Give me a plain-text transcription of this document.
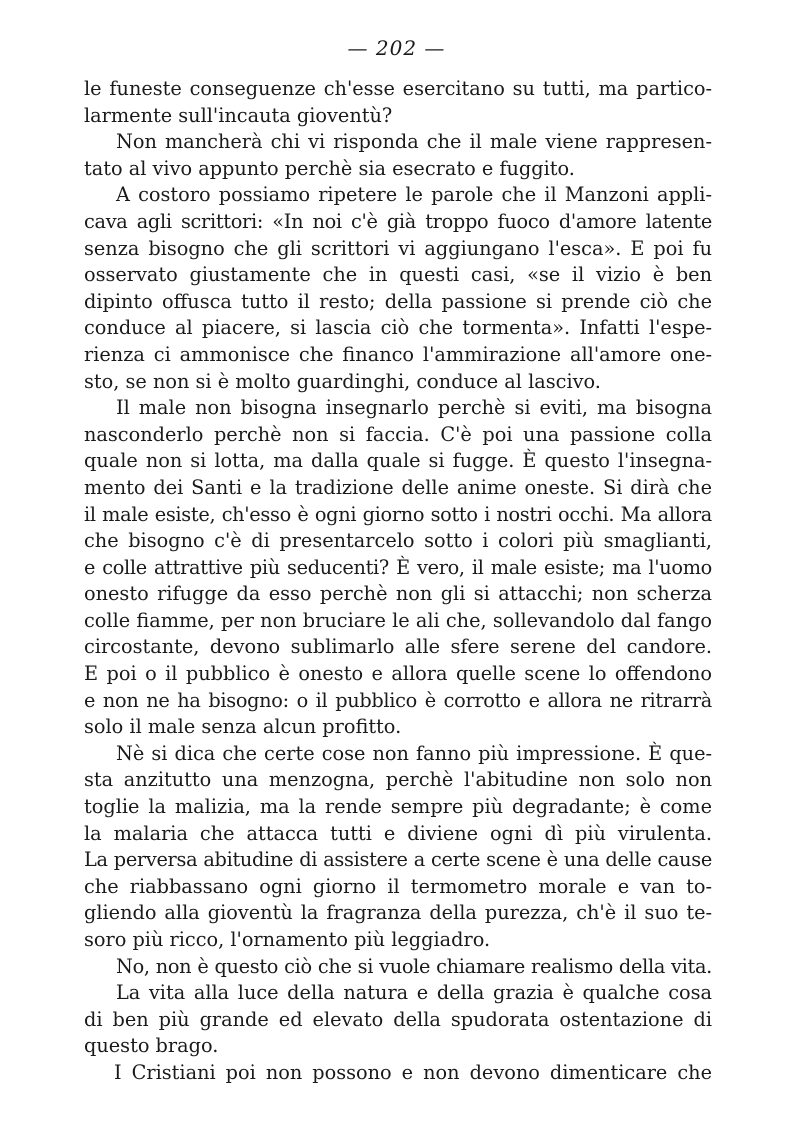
— 202 —
le funeste conseguenze ch'esse esercitano su tutti, ma partico-
larmente sull'incauta gioventù?
Non mancherà chi vi risponda che il male viene rappresen-
tato al vivo appunto perchè sia esecrato e fuggito.
A costoro possiamo ripetere le parole che il Manzoni appli-
cava agli scrittori: «In noi c'è già troppo fuoco d'amore latente
senza bisogno che gli scrittori vi aggiungano l'esca». E poi fu
osservato giustamente che in questi casi, «se il vizio è ben
dipinto offusca tutto il resto; della passione si prende ciò che
conduce al piacere, si lascia ciò che tormenta». Infatti l'espe-
rienza ci ammonisce che financo l'ammirazione all'amore one-
sto, se non si è molto guardinghi, conduce al lascivo.
Il male non bisogna insegnarlo perchè si eviti, ma bisogna
nasconderlo perchè non si faccia. C'è poi una passione colla
quale non si lotta, ma dalla quale si fugge. È questo l'insegna-
mento dei Santi e la tradizione delle anime oneste. Si dirà che
il male esiste, ch'esso è ogni giorno sotto i nostri occhi. Ma allora
che bisogno c'è di presentarcelo sotto i colori più smaglianti,
e colle attrattive più seducenti? È vero, il male esiste; ma l'uomo
onesto rifugge da esso perchè non gli si attacchi; non scherza
colle fiamme, per non bruciare le ali che, sollevandolo dal fango
circostante, devono sublimarlo alle sfere serene del candore.
E poi o il pubblico è onesto e allora quelle scene lo offendono
e non ne ha bisogno: o il pubblico è corrotto e allora ne ritrarrà
solo il male senza alcun profitto.
Nè si dica che certe cose non fanno più impressione. È que-
sta anzitutto una menzogna, perchè l'abitudine non solo non
toglie la malizia, ma la rende sempre più degradante; è come
la malaria che attacca tutti e diviene ogni dì più virulenta.
La perversa abitudine di assistere a certe scene è una delle cause
che riabbassano ogni giorno il termometro morale e van to-
gliendo alla gioventù la fragranza della purezza, ch'è il suo te-
soro più ricco, l'ornamento più leggiadro.
No, non è questo ciò che si vuole chiamare realismo della vita.
La vita alla luce della natura e della grazia è qualche cosa
di ben più grande ed elevato della spudorata ostentazione di
questo brago.
I Cristiani poi non possono e non devono dimenticare che
